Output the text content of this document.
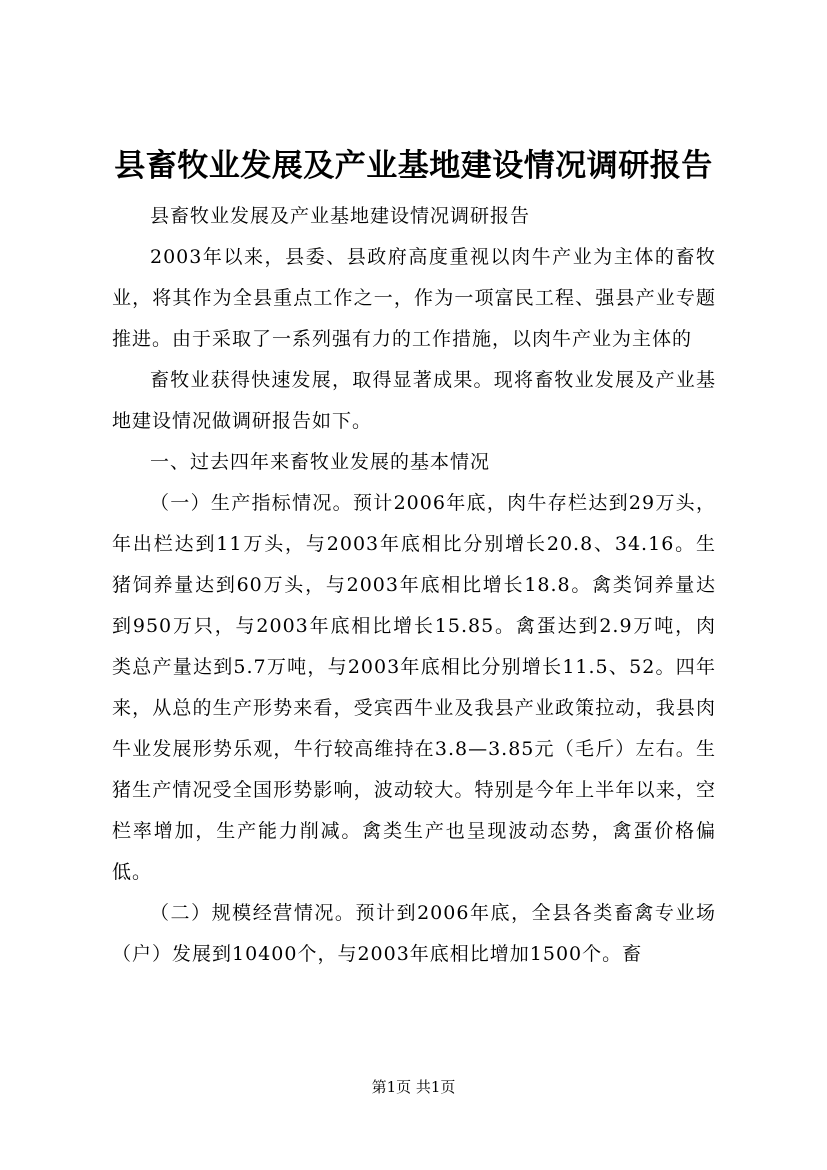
县畜牧业发展及产业基地建设情况调研报告

县畜牧业发展及产业基地建设情况调研报告

2003年以来，县委、县政府高度重视以肉牛产业为主体的畜牧业，将其作为全县重点工作之一，作为一项富民工程、强县产业专题推进。由于采取了一系列强有力的工作措施，以肉牛产业为主体的

畜牧业获得快速发展，取得显著成果。现将畜牧业发展及产业基地建设情况做调研报告如下。

一、过去四年来畜牧业发展的基本情况

（一）生产指标情况。预计2006年底，肉牛存栏达到29万头，年出栏达到11万头，与2003年底相比分别增长20.8、34.16。生猪饲养量达到60万头，与2003年底相比增长18.8。禽类饲养量达到950万只，与2003年底相比增长15.85。禽蛋达到2.9万吨，肉类总产量达到5.7万吨，与2003年底相比分别增长11.5、52。四年来，从总的生产形势来看，受宾西牛业及我县产业政策拉动，我县肉牛业发展形势乐观，牛行较高维持在3.8—3.85元（毛斤）左右。生猪生产情况受全国形势影响，波动较大。特别是今年上半年以来，空栏率增加，生产能力削减。禽类生产也呈现波动态势，禽蛋价格偏低。

（二）规模经营情况。预计到2006年底，全县各类畜禽专业场（户）发展到10400个，与2003年底相比增加1500个。畜

第1页 共1页
